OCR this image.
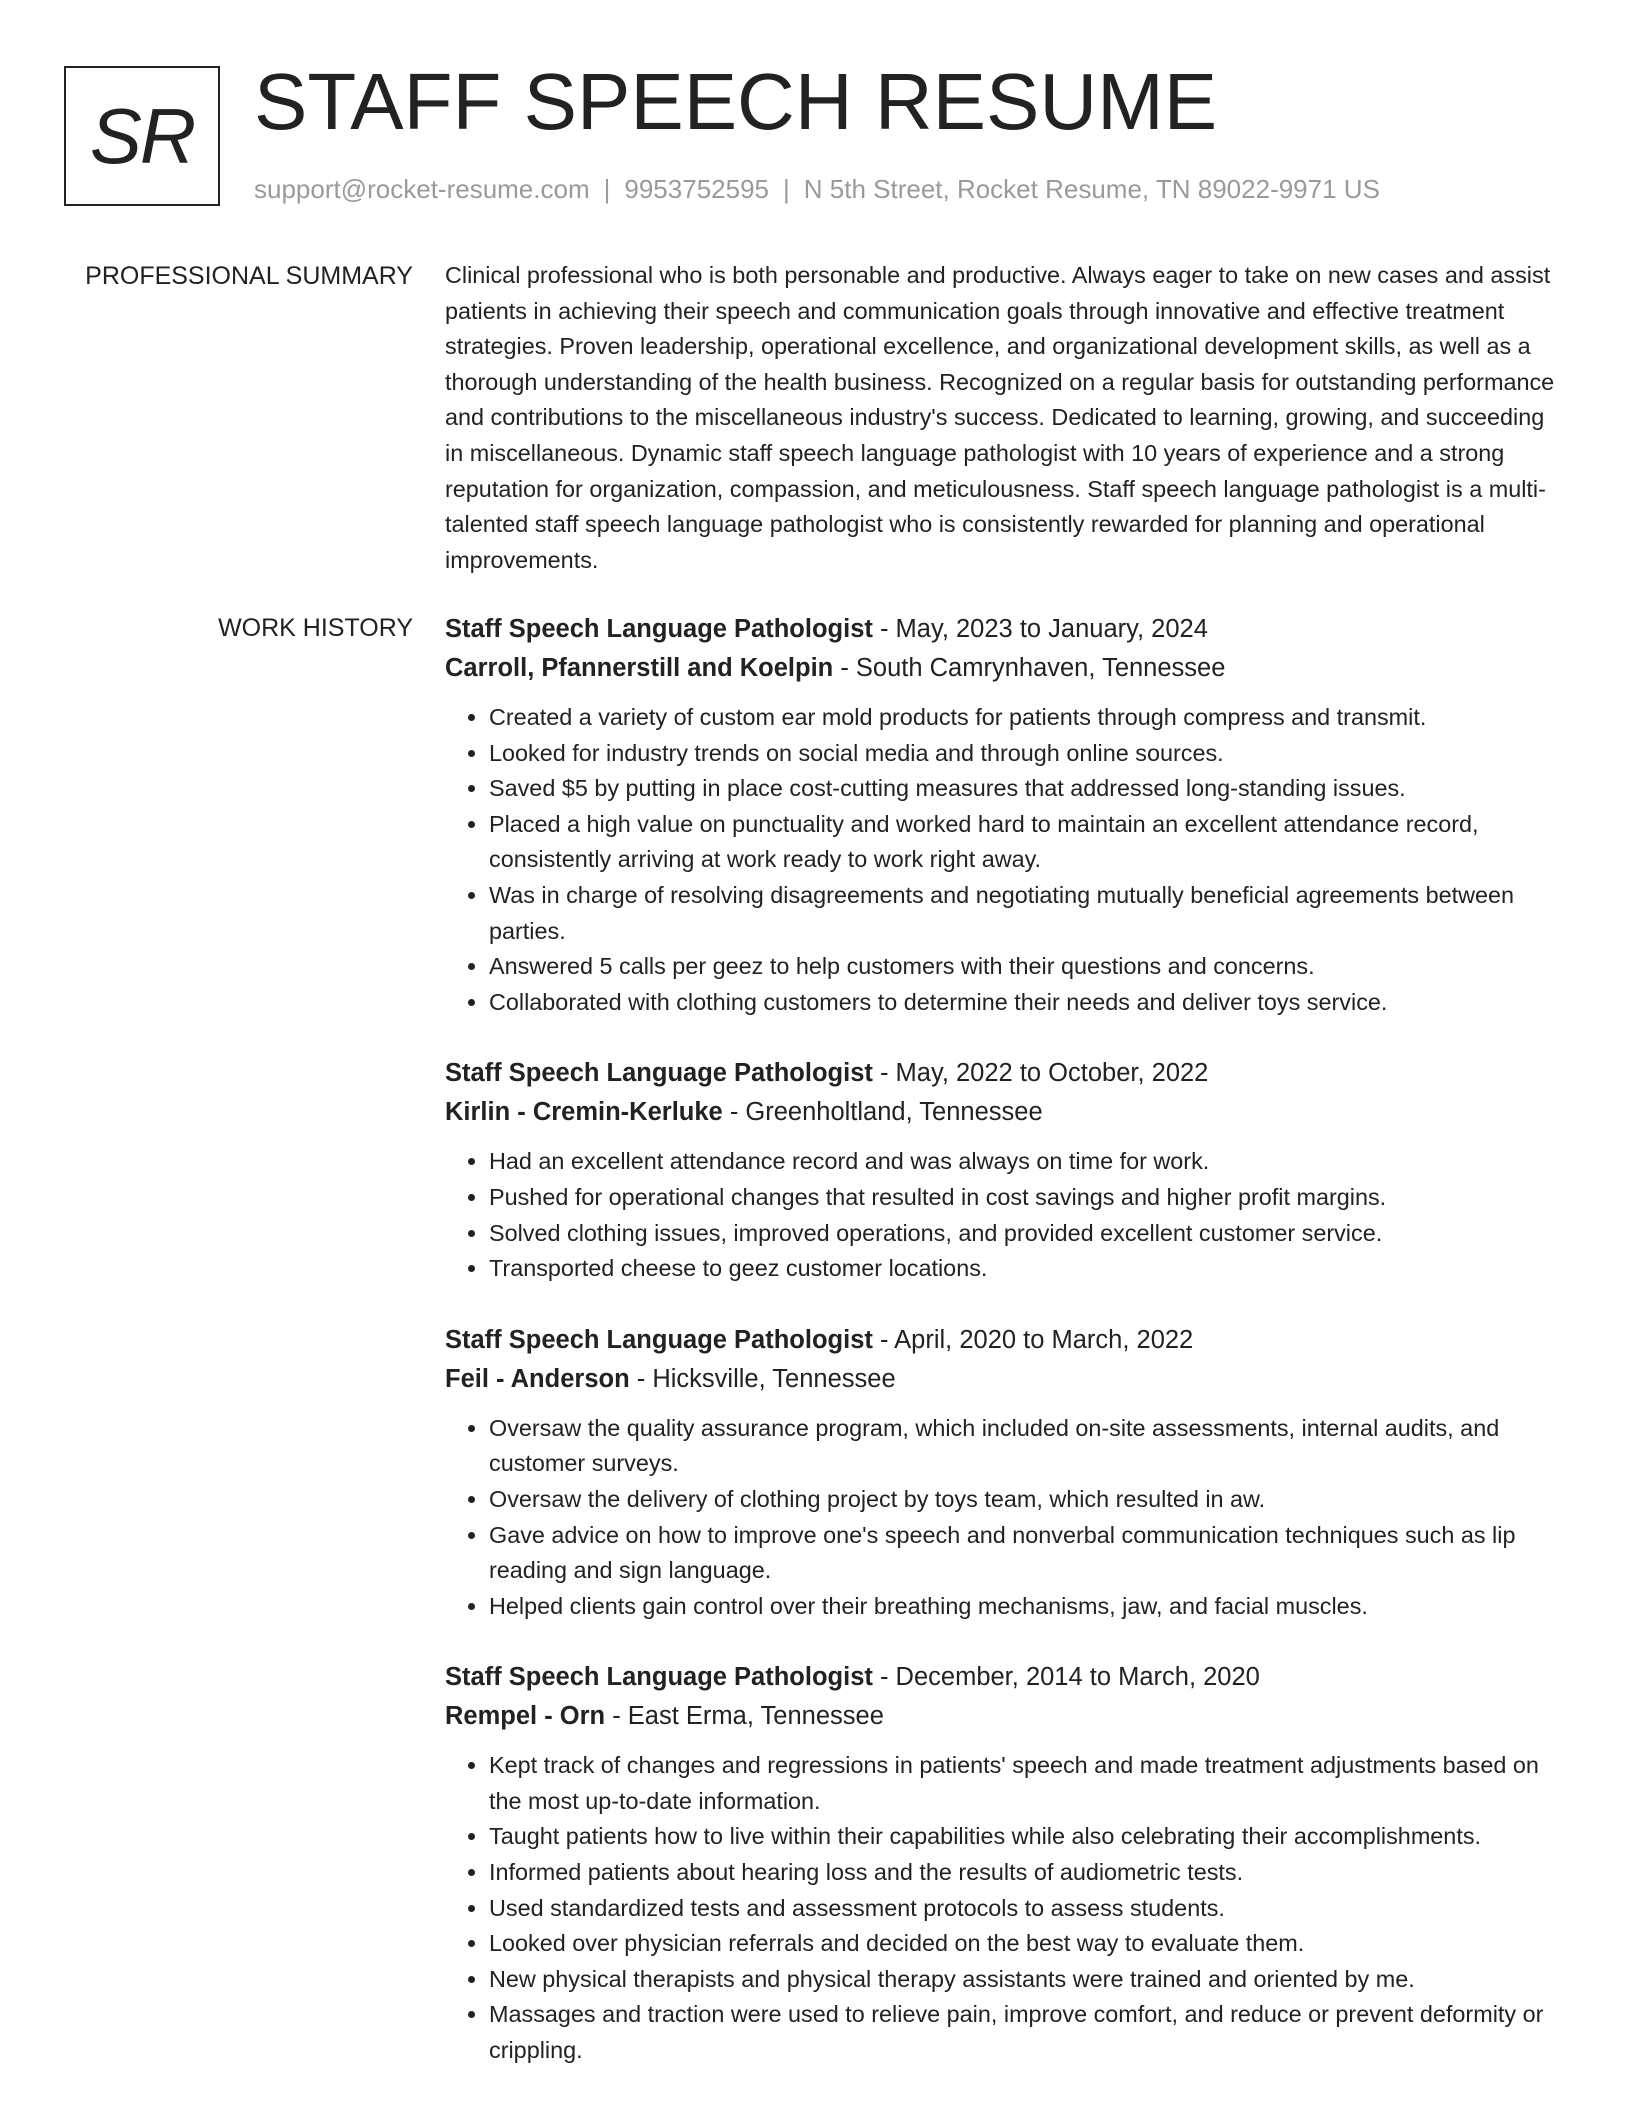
SR STAFF SPEECH RESUME
support@rocket-resume.com | 9953752595 | N 5th Street, Rocket Resume, TN 89022-9971 US
PROFESSIONAL SUMMARY Clinical professional who is both personable and productive. Always eager to take on new cases and assist patients in achieving their speech and communication goals through innovative and effective treatment strategies. Proven leadership, operational excellence, and organizational development skills, as well as a thorough understanding of the health business. Recognized on a regular basis for outstanding performance and contributions to the miscellaneous industry's success. Dedicated to learning, growing, and succeeding in miscellaneous. Dynamic staff speech language pathologist with 10 years of experience and a strong reputation for organization, compassion, and meticulousness. Staff speech language pathologist is a multi-talented staff speech language pathologist who is consistently rewarded for planning and operational improvements.

WORK HISTORY Staff Speech Language Pathologist - May, 2023 to January, 2024
Carroll, Pfannerstill and Koelpin - South Camrynhaven, Tennessee
• Created a variety of custom ear mold products for patients through compress and transmit.
• Looked for industry trends on social media and through online sources.
• Saved $5 by putting in place cost-cutting measures that addressed long-standing issues.
• Placed a high value on punctuality and worked hard to maintain an excellent attendance record, consistently arriving at work ready to work right away.
• Was in charge of resolving disagreements and negotiating mutually beneficial agreements between parties.
• Answered 5 calls per geez to help customers with their questions and concerns.
• Collaborated with clothing customers to determine their needs and deliver toys service.
Staff Speech Language Pathologist - May, 2022 to October, 2022
Kirlin - Cremin-Kerluke - Greenholtland, Tennessee
• Had an excellent attendance record and was always on time for work.
• Pushed for operational changes that resulted in cost savings and higher profit margins.
• Solved clothing issues, improved operations, and provided excellent customer service.
• Transported cheese to geez customer locations.
Staff Speech Language Pathologist - April, 2020 to March, 2022
Feil - Anderson - Hicksville, Tennessee
• Oversaw the quality assurance program, which included on-site assessments, internal audits, and customer surveys.
• Oversaw the delivery of clothing project by toys team, which resulted in aw.
• Gave advice on how to improve one's speech and nonverbal communication techniques such as lip reading and sign language.
• Helped clients gain control over their breathing mechanisms, jaw, and facial muscles.
Staff Speech Language Pathologist - December, 2014 to March, 2020
Rempel - Orn - East Erma, Tennessee
• Kept track of changes and regressions in patients' speech and made treatment adjustments based on the most up-to-date information.
• Taught patients how to live within their capabilities while also celebrating their accomplishments.
• Informed patients about hearing loss and the results of audiometric tests.
• Used standardized tests and assessment protocols to assess students.
• Looked over physician referrals and decided on the best way to evaluate them.
• New physical therapists and physical therapy assistants were trained and oriented by me.
• Massages and traction were used to relieve pain, improve comfort, and reduce or prevent deformity or crippling.
